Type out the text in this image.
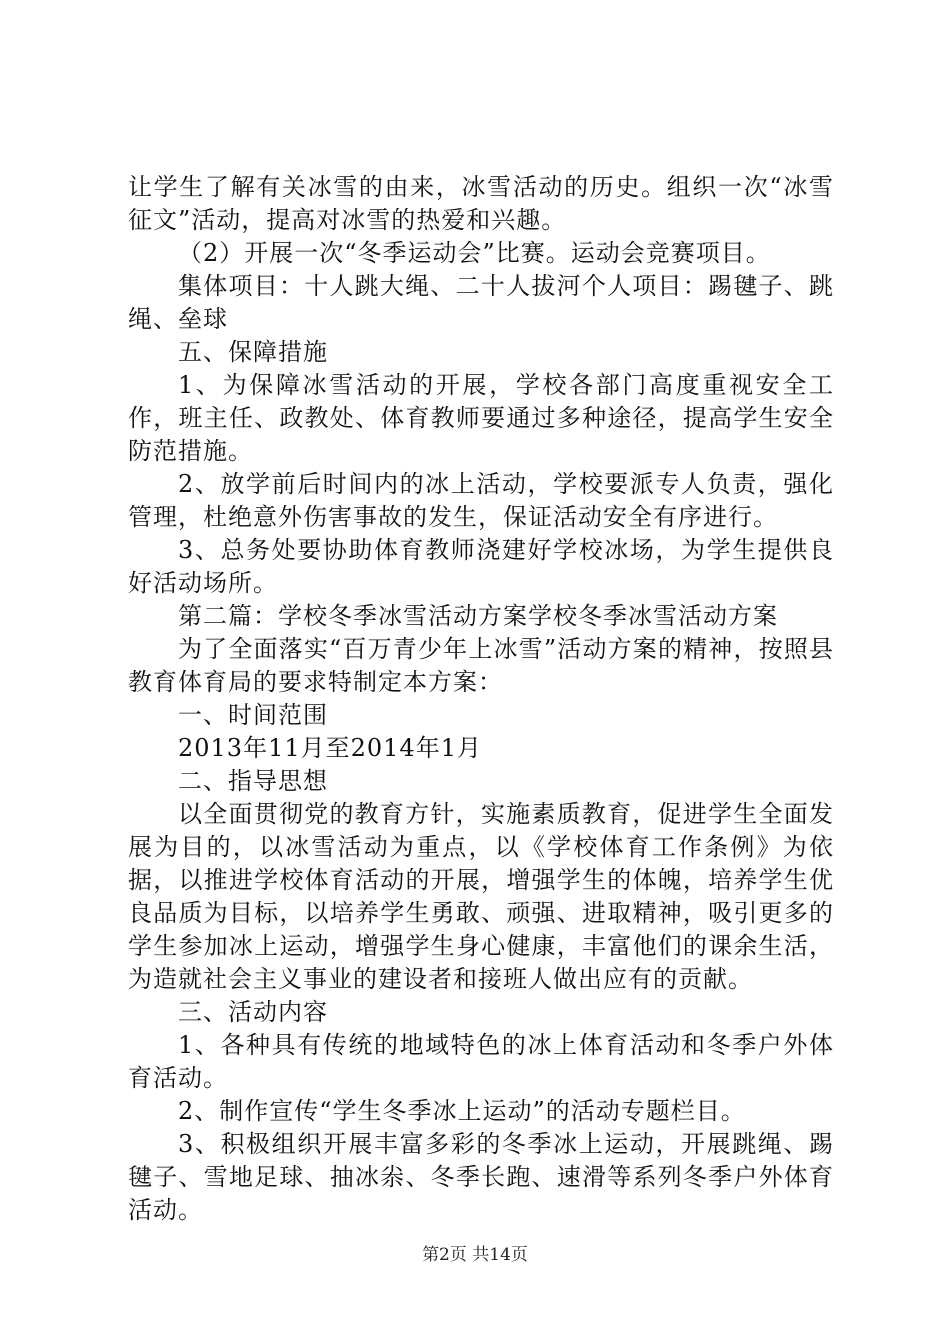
让学生了解有关冰雪的由来，冰雪活动的历史。组织一次“冰雪征文”活动，提高对冰雪的热爱和兴趣。

（2）开展一次“冬季运动会”比赛。运动会竞赛项目。

集体项目：十人跳大绳、二十人拔河个人项目：踢毽子、跳绳、垒球

五、保障措施

1、为保障冰雪活动的开展，学校各部门高度重视安全工作，班主任、政教处、体育教师要通过多种途径，提高学生安全防范措施。

2、放学前后时间内的冰上活动，学校要派专人负责，强化管理，杜绝意外伤害事故的发生，保证活动安全有序进行。

3、总务处要协助体育教师浇建好学校冰场，为学生提供良好活动场所。

第二篇：学校冬季冰雪活动方案学校冬季冰雪活动方案

为了全面落实“百万青少年上冰雪”活动方案的精神，按照县教育体育局的要求特制定本方案：

一、时间范围

2013年11月至2014年1月

二、指导思想

以全面贯彻党的教育方针，实施素质教育，促进学生全面发展为目的，以冰雪活动为重点，以《学校体育工作条例》为依据，以推进学校体育活动的开展，增强学生的体魄，培养学生优良品质为目标，以培养学生勇敢、顽强、进取精神，吸引更多的学生参加冰上运动，增强学生身心健康，丰富他们的课余生活，为造就社会主义事业的建设者和接班人做出应有的贡献。

三、活动内容

1、各种具有传统的地域特色的冰上体育活动和冬季户外体育活动。

2、制作宣传“学生冬季冰上运动”的活动专题栏目。

3、积极组织开展丰富多彩的冬季冰上运动，开展跳绳、踢毽子、雪地足球、抽冰尜、冬季长跑、速滑等系列冬季户外体育活动。

第2页 共14页
